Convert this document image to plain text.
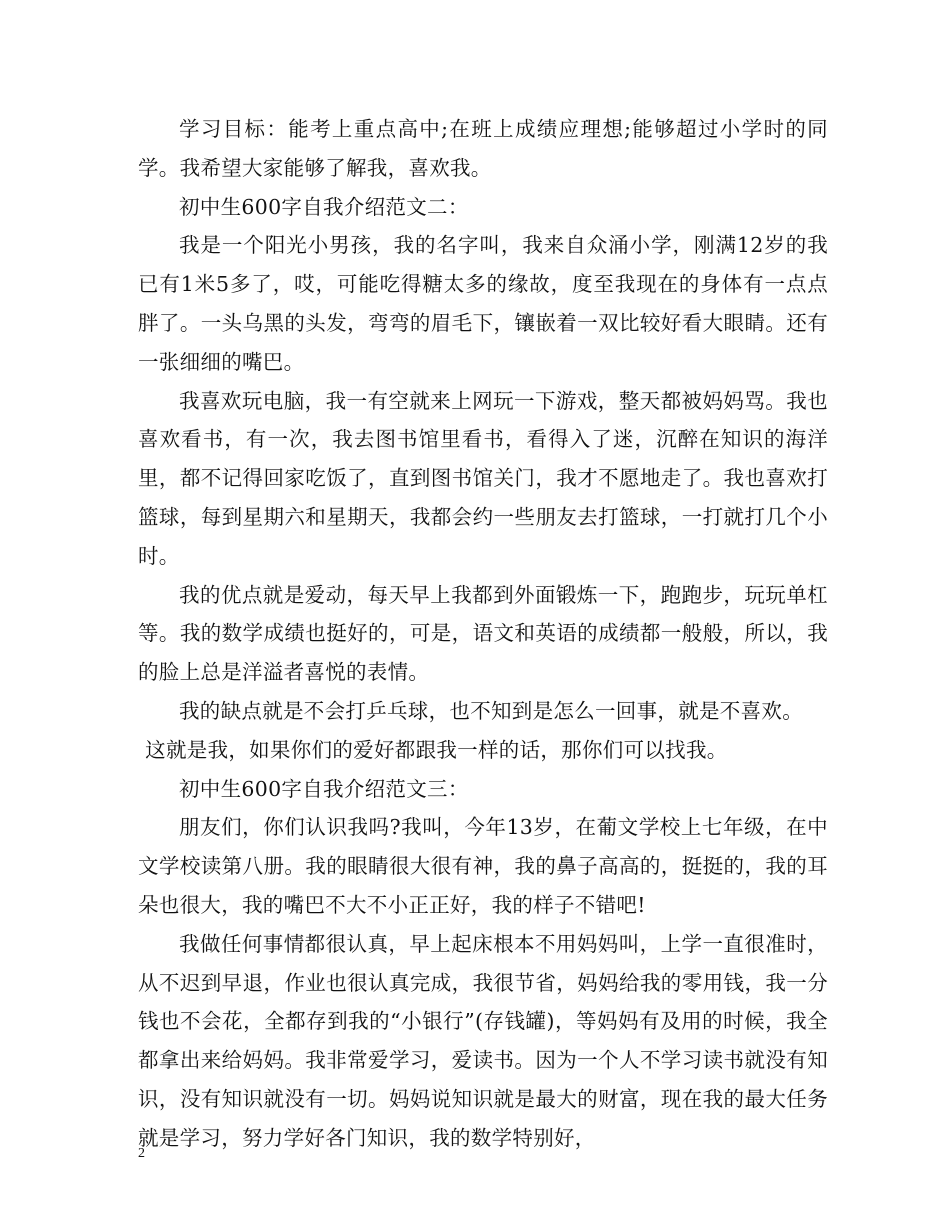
学习目标：能考上重点高中;在班上成绩应理想;能够超过小学时的同学。我希望大家能够了解我，喜欢我。

初中生600字自我介绍范文二：

我是一个阳光小男孩，我的名字叫，我来自众涌小学，刚满12岁的我已有1米5多了，哎，可能吃得糖太多的缘故，度至我现在的身体有一点点胖了。一头乌黑的头发，弯弯的眉毛下，镶嵌着一双比较好看大眼睛。还有一张细细的嘴巴。

我喜欢玩电脑，我一有空就来上网玩一下游戏，整天都被妈妈骂。我也喜欢看书，有一次，我去图书馆里看书，看得入了迷，沉醉在知识的海洋里，都不记得回家吃饭了，直到图书馆关门，我才不愿地走了。我也喜欢打篮球，每到星期六和星期天，我都会约一些朋友去打篮球，一打就打几个小时。

我的优点就是爱动，每天早上我都到外面锻炼一下，跑跑步，玩玩单杠等。我的数学成绩也挺好的，可是，语文和英语的成绩都一般般，所以，我的脸上总是洋溢者喜悦的表情。

我的缺点就是不会打乒乓球，也不知到是怎么一回事，就是不喜欢。

这就是我，如果你们的爱好都跟我一样的话，那你们可以找我。

初中生600字自我介绍范文三：

朋友们，你们认识我吗?我叫，今年13岁，在葡文学校上七年级，在中文学校读第八册。我的眼睛很大很有神，我的鼻子高高的，挺挺的，我的耳朵也很大，我的嘴巴不大不小正正好，我的样子不错吧!

我做任何事情都很认真，早上起床根本不用妈妈叫，上学一直很准时，从不迟到早退，作业也很认真完成，我很节省，妈妈给我的零用钱，我一分钱也不会花，全都存到我的“小银行”(存钱罐)，等妈妈有及用的时候，我全都拿出来给妈妈。我非常爱学习，爱读书。因为一个人不学习读书就没有知识，没有知识就没有一切。妈妈说知识就是最大的财富，现在我的最大任务就是学习，努力学好各门知识，我的数学特别好，

2
